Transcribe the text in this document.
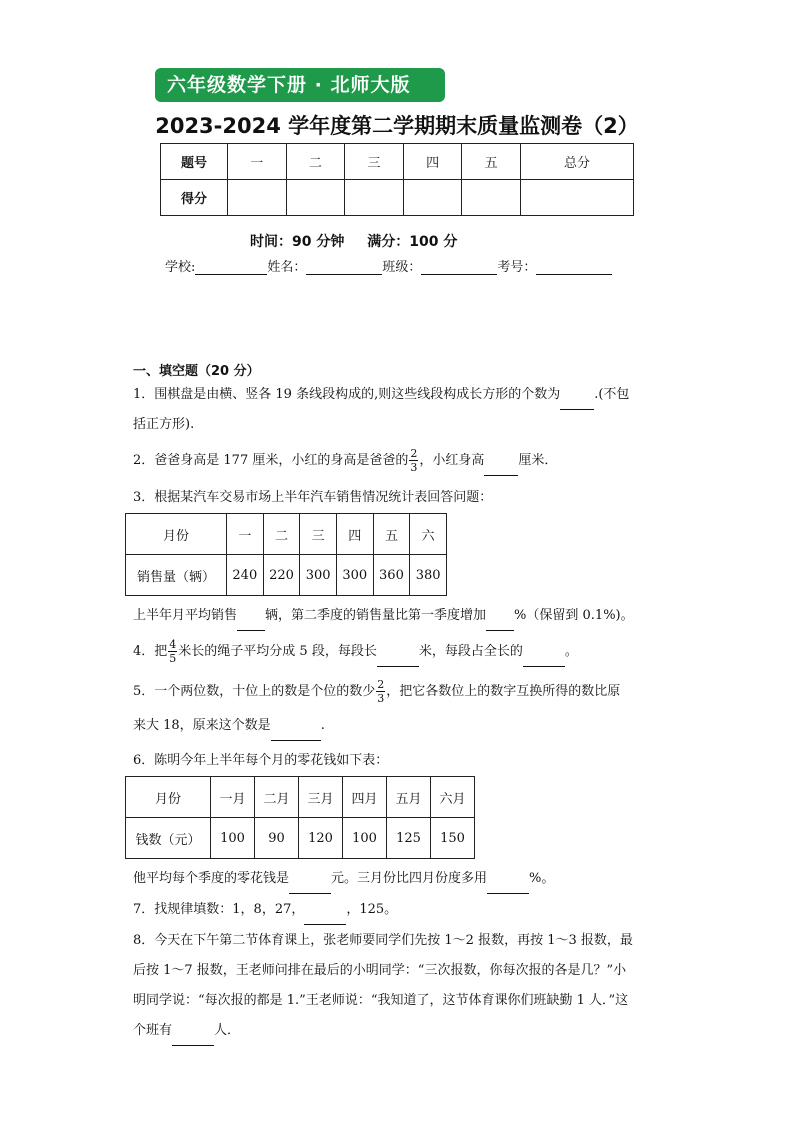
六年级数学下册 · 北师大版
2023-2024 学年度第二学期期末质量监测卷（2）
题号	一	二	三	四	五	总分
得分						
时间：90 分钟 满分：100 分
学校:	姓名：	班级：	考号：
一、填空题（20 分）
1．围棋盘是由横、竖各 19 条线段构成的,则这些线段构成长方形的个数为	.(不包
括正方形).
2．爸爸身高是 177 厘米，小红的身高是爸爸的 $\frac{2}{3}$ ，小红身高	厘米．
3．根据某汽车交易市场上半年汽车销售情况统计表回答问题：
月份	一	二	三	四	五	六
销售量（辆）	240	220	300	300	360	380
上半年月平均销售 辆，第二季度的销售量比第一季度增加 %（保留到 0.1%)。
4．把 $\frac{4}{5}$ 米长的绳子平均分成 5 段，每段长	米，每段占全长的	。
5．一个两位数，十位上的数是个位的数少 $\frac{2}{3}$ ，把它各数位上的数字互换所得的数比原
来大 18，原来这个数是	.
6．陈明今年上半年每个月的零花钱如下表：
月份	一月	二月	三月	四月	五月	六月
钱数（元）	100	90	120	100	125	150
他平均每个季度的零花钱是	元。三月份比四月份度多用	%。
7．找规律填数：1，8，27，	，125。
8．今天在下午第二节体育课上，张老师要同学们先按 1～2 报数，再按 1～3 报数，最
后按 1～7 报数，王老师问排在最后的小明同学：“三次报数，你每次报的各是几？”小
明同学说：“每次报的都是 1.”王老师说：“我知道了，这节体育课你们班缺勤 1 人．”这
个班有	人．
